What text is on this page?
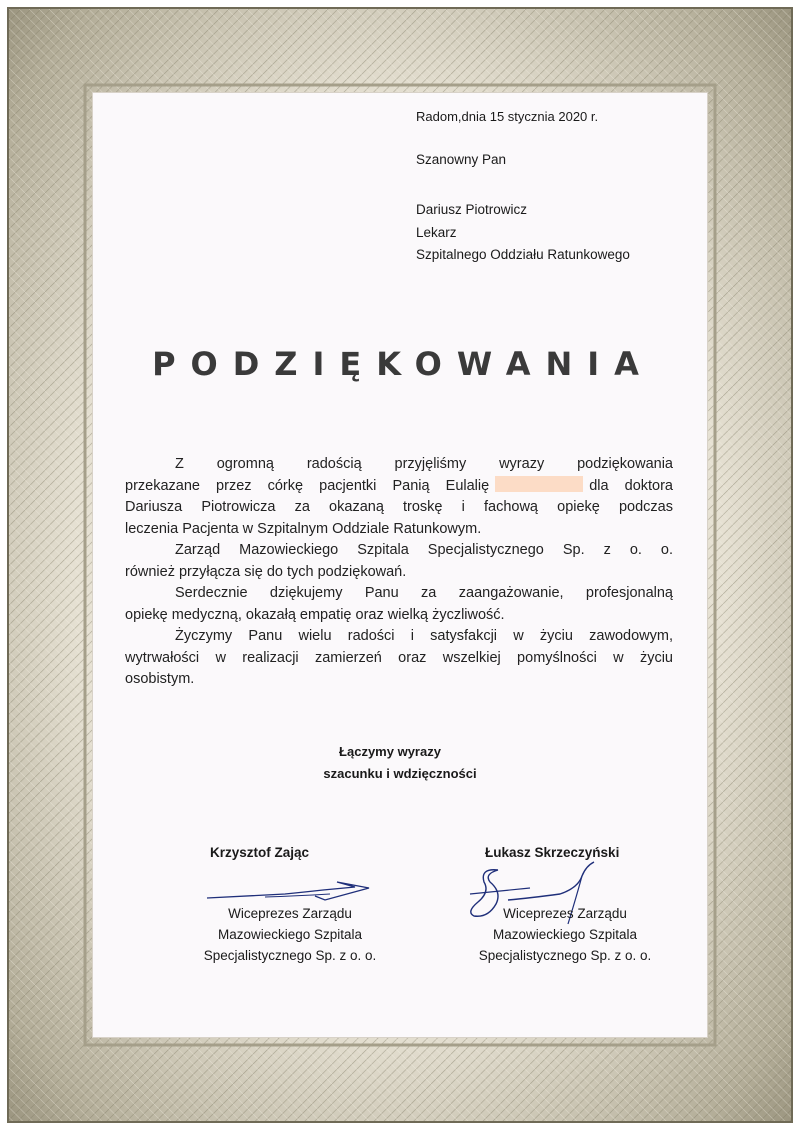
Radom,dnia 15 stycznia 2020 r.

Szanowny Pan

Dariusz Piotrowicz

Lekarz

Szpitalnego Oddziału Ratunkowego

PODZIĘKOWANIA

Z ogromną radością przyjęliśmy wyrazy podziękowania

przekazane przez córkę pacjentki Panią Eulalię	dla doktora

Dariusza Piotrowicza za okazaną troskę i fachową opiekę podczas

leczenia Pacjenta w Szpitalnym Oddziale Ratunkowym.

Zarząd Mazowieckiego Szpitala Specjalistycznego Sp. z o. o.

również przyłącza się do tych podziękowań.

Serdecznie dziękujemy Panu za zaangażowanie, profesjonalną

opiekę medyczną, okazałą empatię oraz wielką życzliwość.

Życzymy Panu wielu radości i satysfakcji w życiu zawodowym,

wytrwałości w realizacji zamierzeń oraz wszelkiej pomyślności w życiu

osobistym.

Łączymy wyrazy

szacunku i wdzięczności

Krzysztof Zając	Łukasz Skrzeczyński

Wiceprezes Zarządu
Mazowieckiego Szpitala
Specjalistycznego Sp. z o. o.
Wiceprezes Zarządu
Mazowieckiego Szpitala
Specjalistycznego Sp. z o. o.
